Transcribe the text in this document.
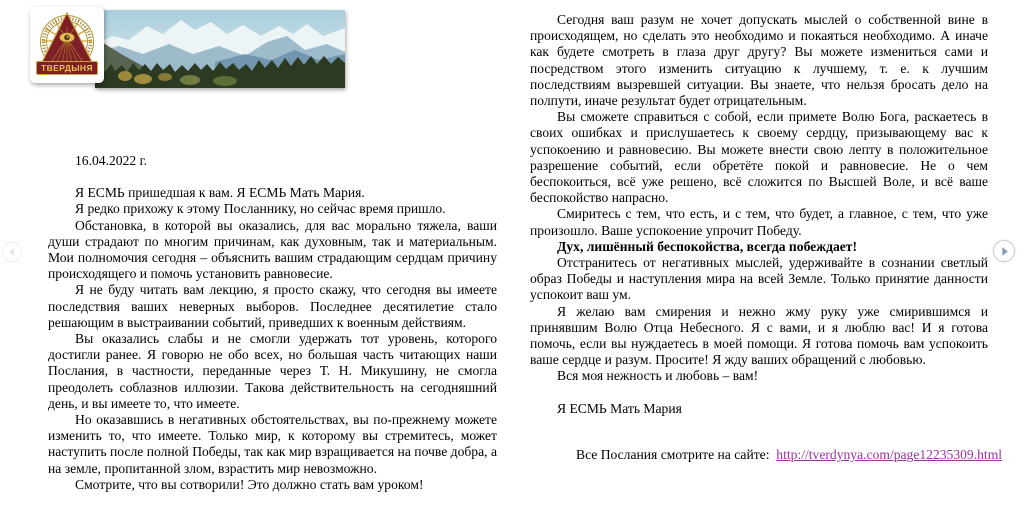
ТВЕРДЫНЯ

16.04.2022 г.

Я ЕСМЬ пришедшая к вам. Я ЕСМЬ Мать Мария.

Я редко прихожу к этому Посланнику, но сейчас время пришло.

Обстановка, в которой вы оказались, для вас морально тяжела, ваши души страдают по многим причинам, как духовным, так и материальным. Мои полномочия сегодня – объяснить вашим страдающим сердцам причину происходящего и помочь установить равновесие.

Я не буду читать вам лекцию, я просто скажу, что сегодня вы имеете последствия ваших неверных выборов. Последнее десятилетие стало решающим в выстраивании событий, приведших к военным действиям.

Вы оказались слабы и не смогли удержать тот уровень, которого достигли ранее. Я говорю не обо всех, но большая часть читающих наши Послания, в частности, переданные через Т. Н. Микушину, не смогла преодолеть соблазнов иллюзии. Такова действительность на сегодняшний день, и вы имеете то, что имеете.

Но оказавшись в негативных обстоятельствах, вы по-прежнему можете изменить то, что имеете. Только мир, к которому вы стремитесь, может наступить после полной Победы, так как мир взращивается на почве добра, а на земле, пропитанной злом, взрастить мир невозможно.

Смотрите, что вы сотворили! Это должно стать вам уроком!

Сегодня ваш разум не хочет допускать мыслей о собственной вине в происходящем, но сделать это необходимо и покаяться необходимо. А иначе как будете смотреть в глаза друг другу? Вы можете измениться сами и посредством этого изменить ситуацию к лучшему, т. е. к лучшим последствиям вызревшей ситуации. Вы знаете, что нельзя бросать дело на полпути, иначе результат будет отрицательным.

Вы сможете справиться с собой, если примете Волю Бога, раскаетесь в своих ошибках и прислушаетесь к своему сердцу, призывающему вас к успокоению и равновесию. Вы можете внести свою лепту в положительное разрешение событий, если обретёте покой и равновесие. Не о чем беспокоиться, всё уже решено, всё сложится по Высшей Воле, и всё ваше беспокойство напрасно.

Смиритесь с тем, что есть, и с тем, что будет, а главное, с тем, что уже произошло. Ваше успокоение упрочит Победу.

Дух, лишённый беспокойства, всегда побеждает!

Отстранитесь от негативных мыслей, удерживайте в сознании светлый образ Победы и наступления мира на всей Земле. Только принятие данности успокоит ваш ум.

Я желаю вам смирения и нежно жму руку уже смирившимся и принявшим Волю Отца Небесного. Я с вами, и я люблю вас! И я готова помочь, если вы нуждаетесь в моей помощи. Я готова помочь вам успокоить ваше сердце и разум. Просите! Я жду ваших обращений с любовью.

Вся моя нежность и любовь – вам!

Я ЕСМЬ Мать Мария

Все Послания смотрите на сайте: http://tverdynya.com/page12235309.html
